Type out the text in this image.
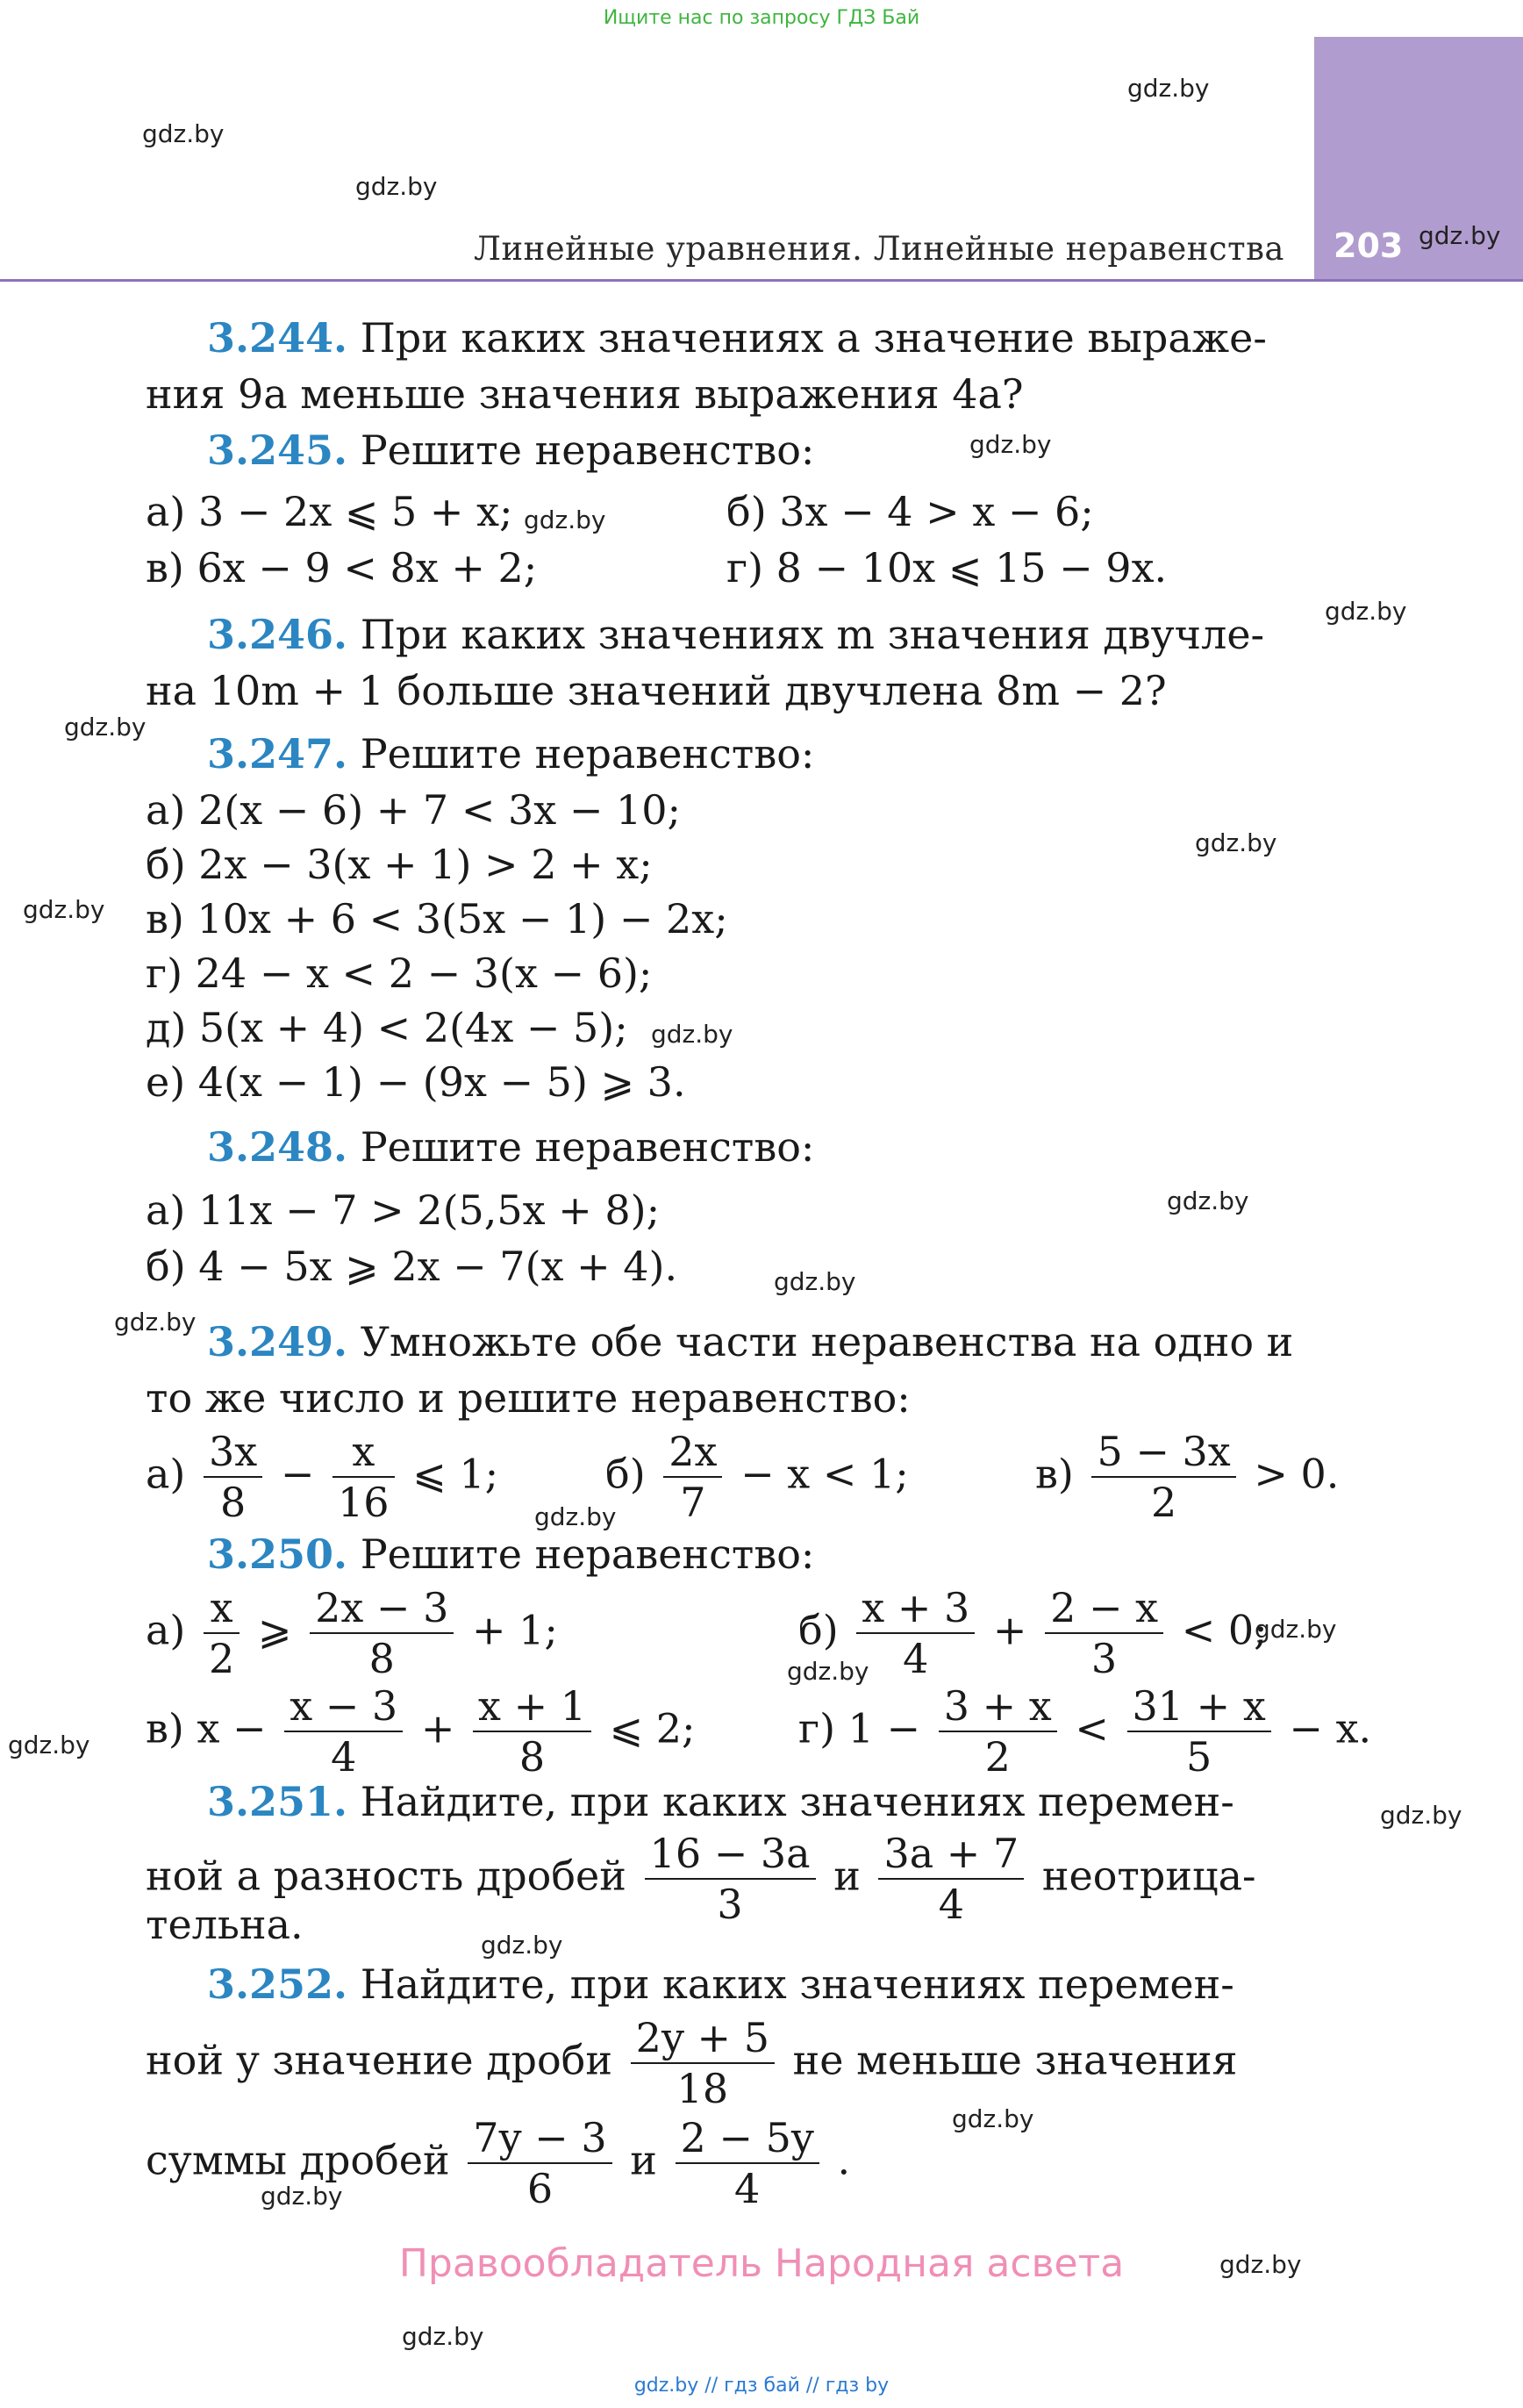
Ищите нас по запросу ГДЗ Бай
203
Линейные уравнения. Линейные неравенства
gdz.by
gdz.by
gdz.by
gdz.by
gdz.by
gdz.by
gdz.by
gdz.by
gdz.by
gdz.by
gdz.by
gdz.by
gdz.by
gdz.by
gdz.by
gdz.by
gdz.by
gdz.by
gdz.by
gdz.by
gdz.by
gdz.by
gdz.by
gdz.by
3.244. При каких значениях a значение выраже-
ния 9a меньше значения выражения 4a?
3.245. Решите неравенство:
а) 3 − 2x ⩽ 5 + x;	б) 3x − 4 > x − 6;
в) 6x − 9 < 8x + 2;	г) 8 − 10x ⩽ 15 − 9x.
3.246. При каких значениях m значения двучле-
на 10m + 1 больше значений двучлена 8m − 2?
3.247. Решите неравенство:
а) 2(x − 6) + 7 < 3x − 10;
б) 2x − 3(x + 1) > 2 + x;
в) 10x + 6 < 3(5x − 1) − 2x;
г) 24 − x < 2 − 3(x − 6);
д) 5(x + 4) < 2(4x − 5);
е) 4(x − 1) − (9x − 5) ⩾ 3.
3.248. Решите неравенство:
а) 11x − 7 > 2(5,5x + 8);
б) 4 − 5x ⩾ 2x − 7(x + 4).
3.249. Умножьте обе части неравенства на одно и
то же число и решите неравенство:
$а) \frac{3x}{8} - \frac{x}{16}$ ⩽ 1;	$б) \frac{2x}{7} - x < 1$;	$в) \frac{5 - 3x}{2} > 0$.
3.250. Решите неравенство:
$а) \frac{x}{2}$ ⩾ $\frac{2x - 3}{8} + 1$;	$б) \frac{x + 3}{4} + \frac{2 - x}{3} < 0$;
в) $x - \frac{x - 3}{4} + \frac{x + 1}{8}$ ⩽ 2;	г) $1 - \frac{3 + x}{2} < \frac{31 + x}{5} - x$.
3.251. Найдите, при каких значениях перемен-
ной a разность дробей $\frac{16 - 3a}{3}$ и $\frac{3a + 7}{4}$ неотрица-
тельна.
3.252. Найдите, при каких значениях перемен-
ной y значение дроби $\frac{2y + 5}{18}$ не меньше значения
суммы дробей $\frac{7y - 3}{6}$ и $\frac{2 - 5y}{4}$ .
Правообладатель Народная асвета
gdz.by // гдз бай // гдз by
